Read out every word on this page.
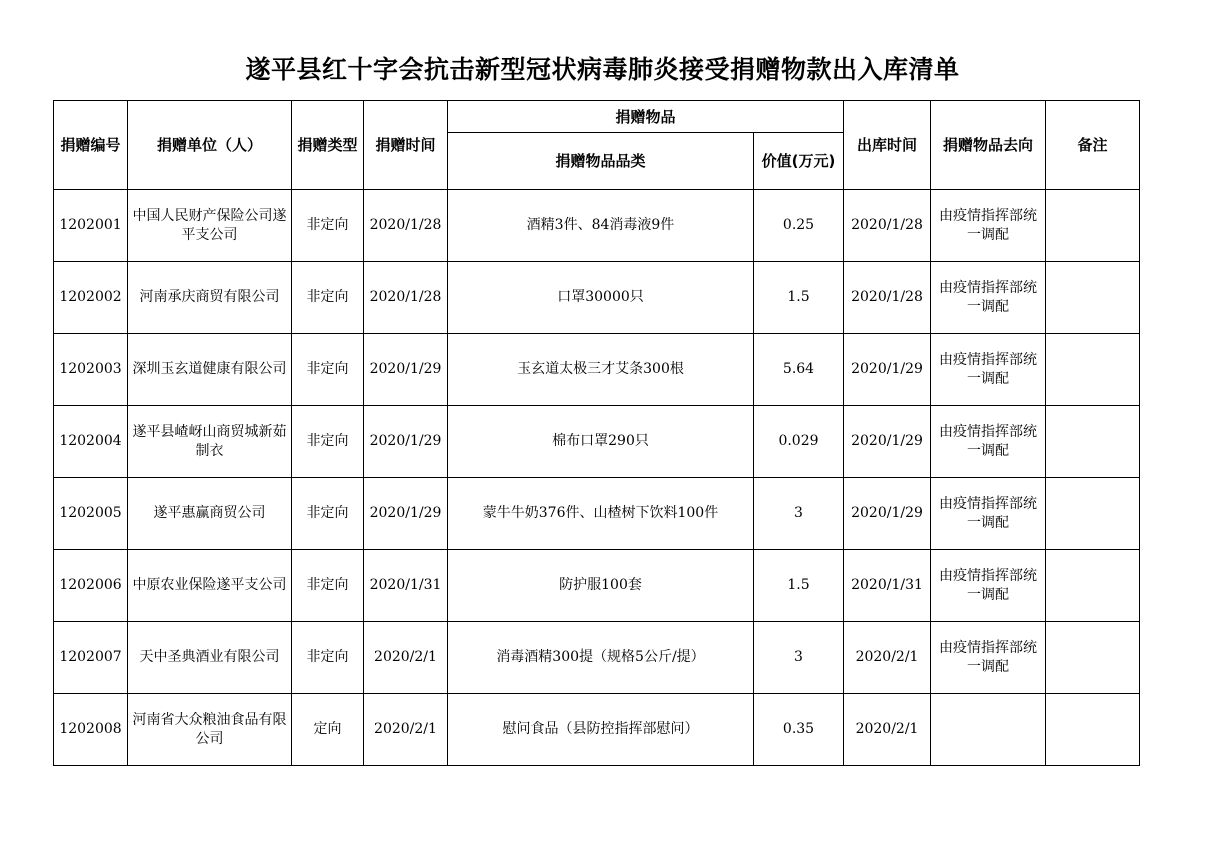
遂平县红十字会抗击新型冠状病毒肺炎接受捐赠物款出入库清单
捐赠编号	捐赠单位（人）	捐赠类型	捐赠时间	捐赠物品		出库时间	捐赠物品去向	备注
				捐赠物品品类	价值(万元)			
1202001	中国人民财产保险公司遂平支公司	非定向	2020/1/28	酒精3件、84消毒液9件	0.25	2020/1/28	由疫情指挥部统一调配	
1202002	河南承庆商贸有限公司	非定向	2020/1/28	口罩30000只	1.5	2020/1/28	由疫情指挥部统一调配	
1202003	深圳玉玄道健康有限公司	非定向	2020/1/29	玉玄道太极三才艾条300根	5.64	2020/1/29	由疫情指挥部统一调配	
1202004	遂平县嵖岈山商贸城新茹制衣	非定向	2020/1/29	棉布口罩290只	0.029	2020/1/29	由疫情指挥部统一调配	
1202005	遂平惠赢商贸公司	非定向	2020/1/29	蒙牛牛奶376件、山楂树下饮料100件	3	2020/1/29	由疫情指挥部统一调配	
1202006	中原农业保险遂平支公司	非定向	2020/1/31	防护服100套	1.5	2020/1/31	由疫情指挥部统一调配	
1202007	天中圣典酒业有限公司	非定向	2020/2/1	消毒酒精300提（规格5公斤/提）	3	2020/2/1	由疫情指挥部统一调配	
1202008	河南省大众粮油食品有限公司	定向	2020/2/1	慰问食品（县防控指挥部慰问）	0.35	2020/2/1		
